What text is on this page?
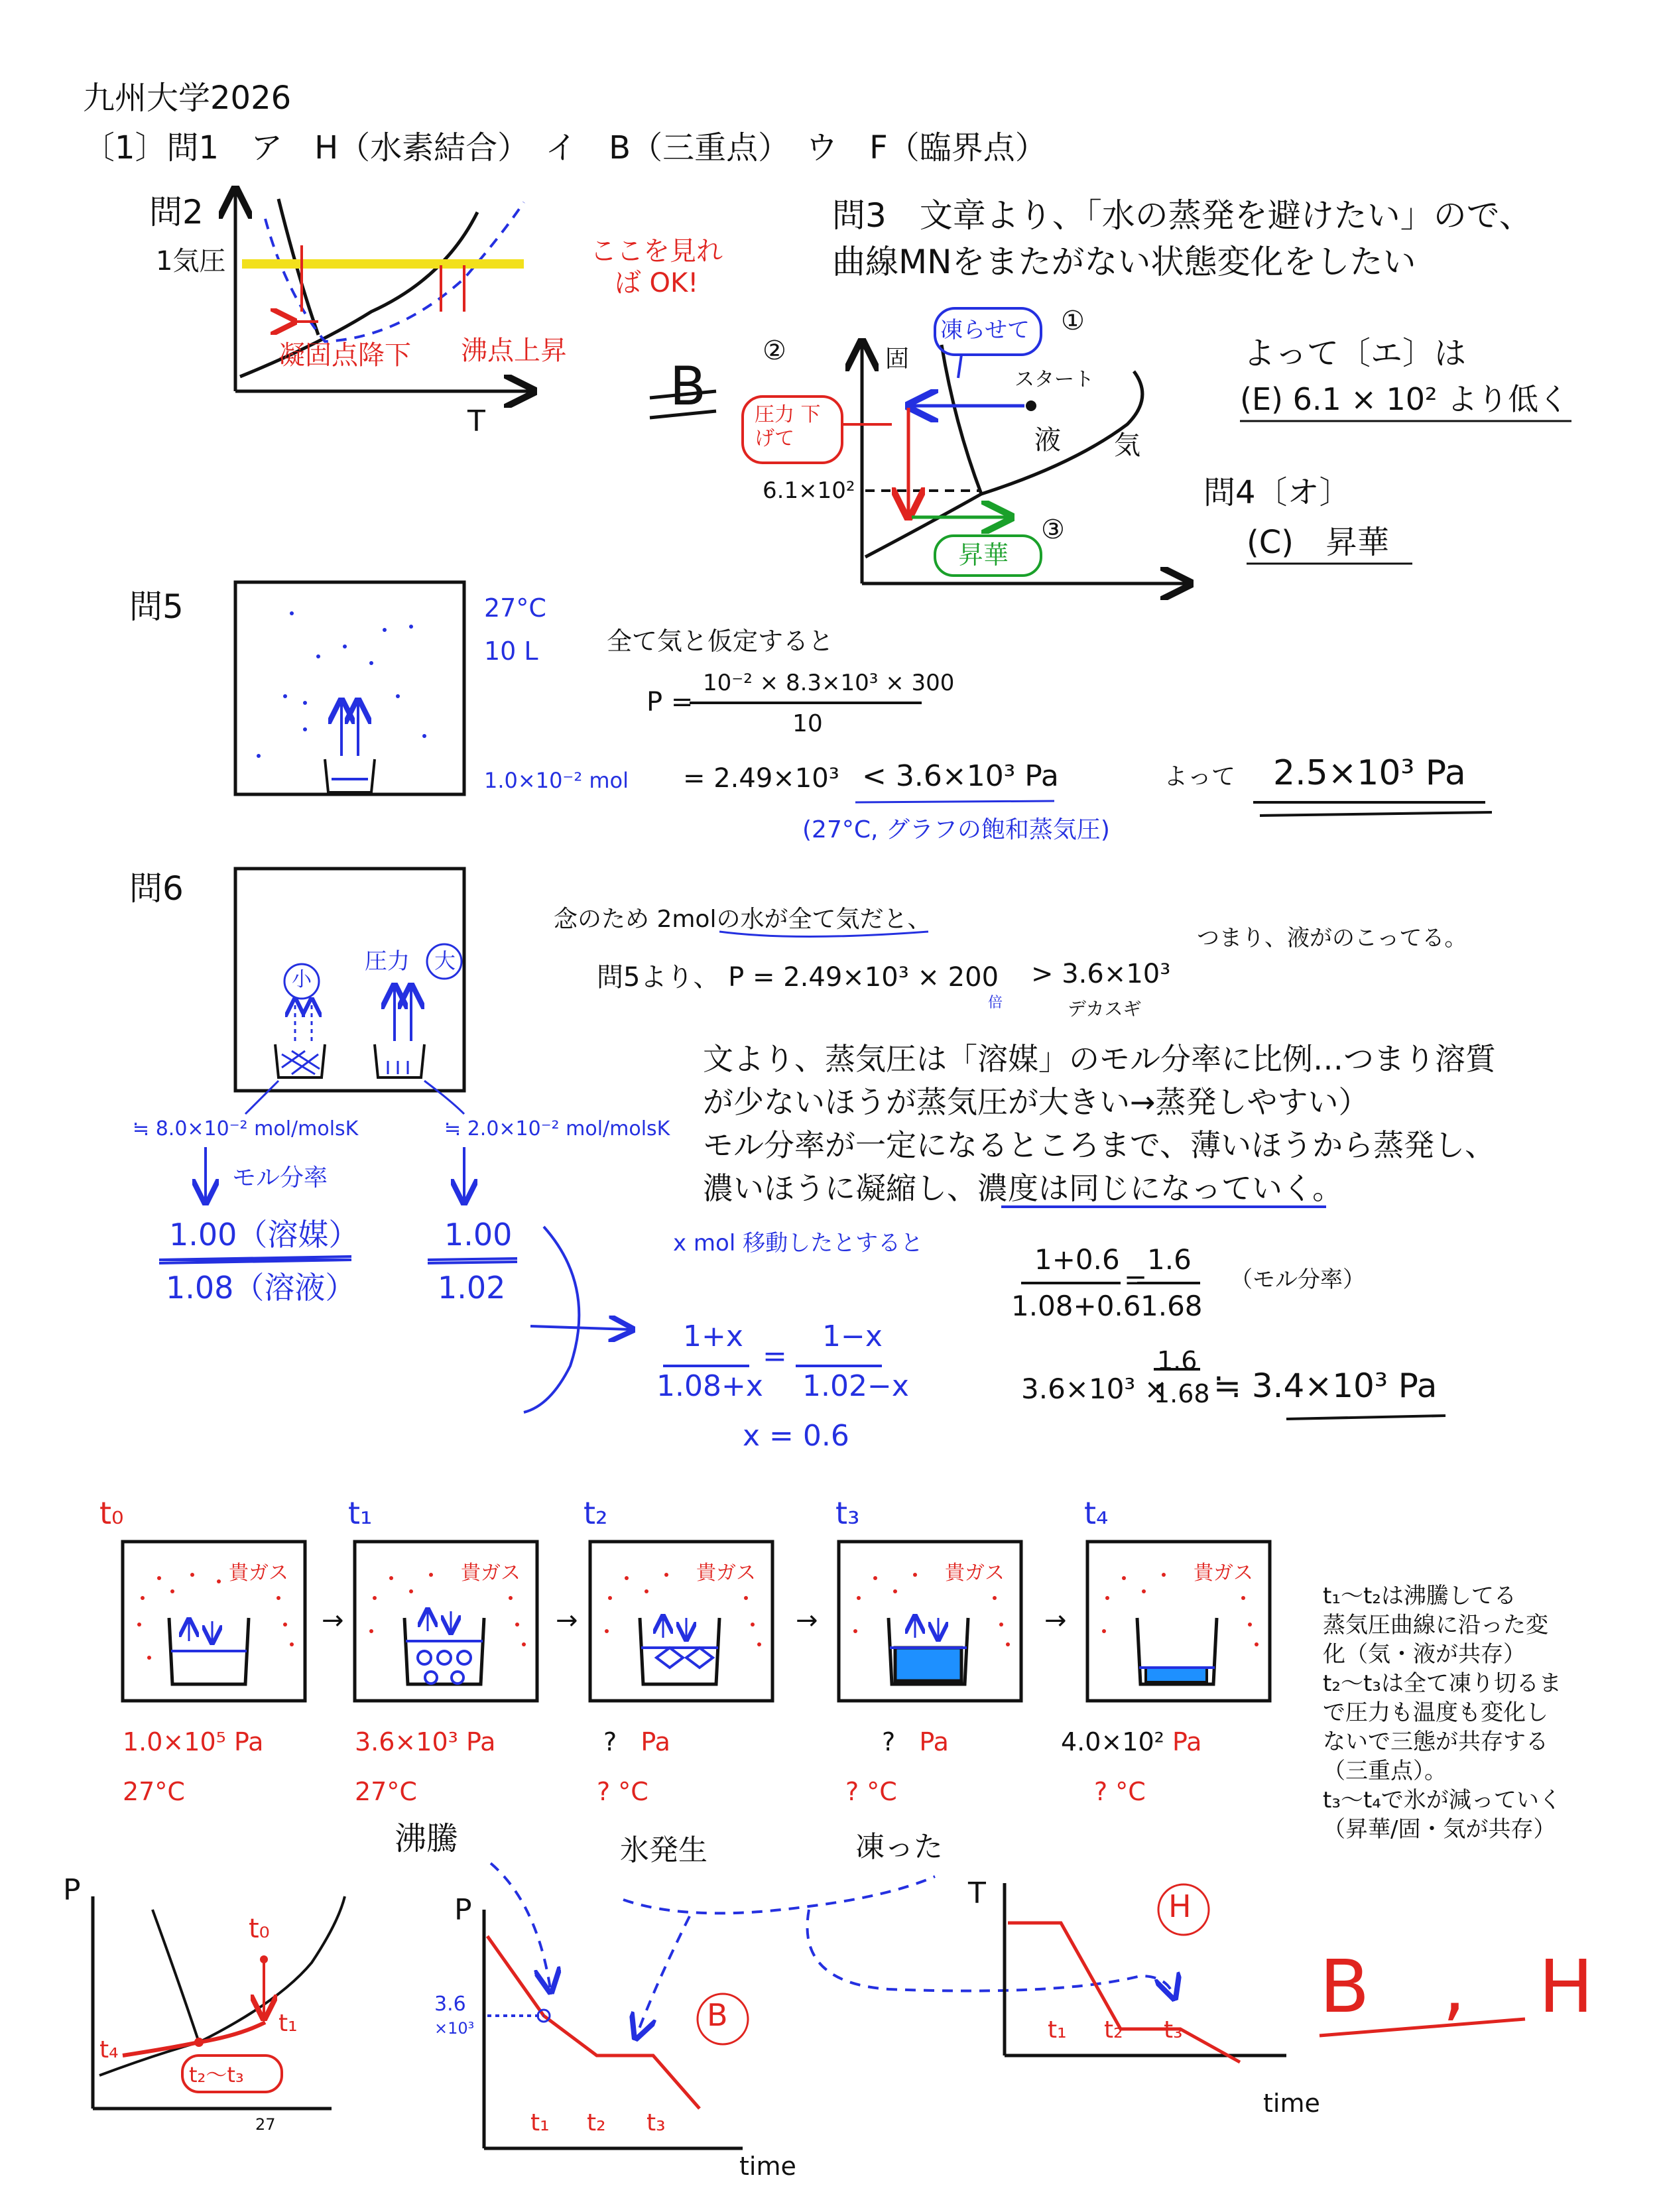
九州大学2026
〔1〕問1　ア　H（水素結合）　イ　B（三重点）　ウ　F（臨界点）
問2
1気圧
T
ここを見れば OK!
凝固点降下 沸点上昇
問3　文章より、「水の蒸発を避けたい」ので、
曲線MNをまたがない状態変化をしたい
よって〔エ〕は
(E) 6.1 × 10² より低く
B
②
①
③
固
凍らせて
圧力 下げて
スタート
液 気
6.1×10²
昇華
問4〔オ〕
(C)　昇華
問5	27°C
10 L
1.0×10⁻² mol
全て気と仮定すると
P =
10⁻² × 8.3×10³ × 300
10
= 2.49×10³ < 3.6×10³ Pa
(27°C, グラフの飽和蒸気圧)
よって 2.5×10³ Pa
問6
小
圧力 大
念のため 2molの水が全て気だと、
問5より、 P = 2.49×10³ × 200
倍
> 3.6×10³
デカスギ
つまり、液がのこってる。
文より、蒸気圧は「溶媒」のモル分率に比例…つまり溶質
が少ないほうが蒸気圧が大きい→蒸発しやすい）
モル分率が一定になるところまで、薄いほうから蒸発し、
濃いほうに凝縮し、濃度は同じになっていく。
≒ 8.0×10⁻² mol/molsK	≒ 2.0×10⁻² mol/molsK
モル分率
1.00（溶媒）
1.08（溶液）
1.00
1.02
x mol 移動したとすると
1+x
1.08+x
=
1−x
1.02−x
x = 0.6
1+0.6
1.08+0.6
=
1.6
1.68
（モル分率）
3.6×10³ ×
1.6
1.68 ≒ 3.4×10³ Pa
t₀	t₁	t₂	t₃	t₄
貴ガス	貴ガス	貴ガス	貴ガス	貴ガス
→	→	→	→
1.0×10⁵ Pa	3.6×10³ Pa	? Pa	? Pa	4.0×10² Pa
27°C	27°C	? °C	? °C	? °C
t₁〜t₂は沸騰してる
蒸気圧曲線に沿った変
化（気・液が共存）
t₂〜t₃は全て凍り切るま
で圧力も温度も変化し
ないで三態が共存する
（三重点）。
t₃〜t₄で氷が減っていく
（昇華/固・気が共存）
P
t₀
t₁
t₄
t₂〜t₃
27
沸騰	氷発生	凍った
P
3.6
×10³
t₁ t₂ t₃
time
B
T	H
t₁ t₂ t₃
time
B　,　H
